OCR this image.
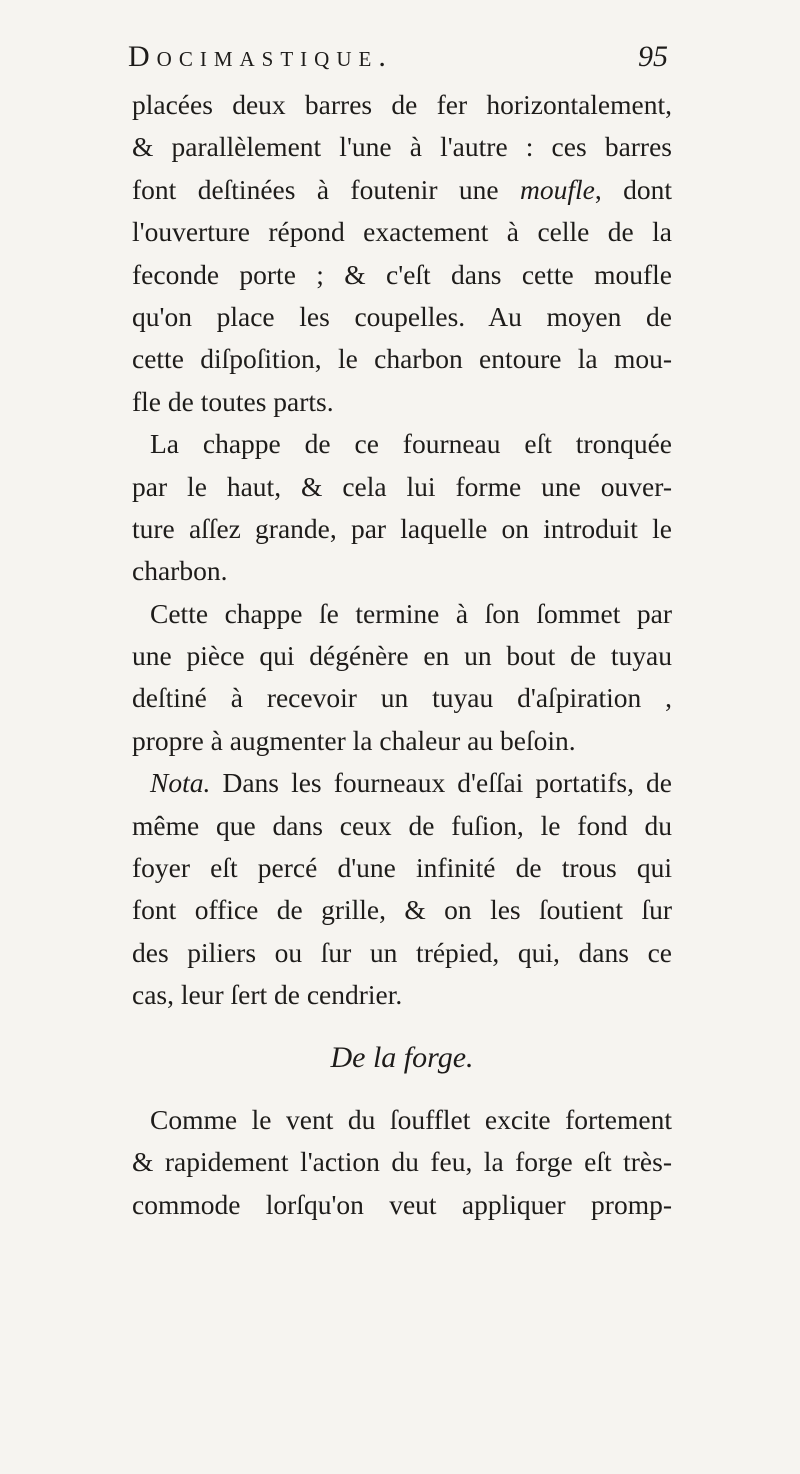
Docimastique.	95
placées deux barres de fer horizontalement,
& parallèlement l'une à l'autre : ces barres
font deſtinées à foutenir une moufle, dont
l'ouverture répond exactement à celle de la
feconde porte ; & c'eſt dans cette moufle
qu'on place les coupelles. Au moyen de
cette diſpoſition, le charbon entoure la mou-
fle de toutes parts.
La chappe de ce fourneau eſt tronquée
par le haut, & cela lui forme une ouver-
ture aſſez grande, par laquelle on introduit le
charbon.
Cette chappe ſe termine à ſon ſommet par
une pièce qui dégénère en un bout de tuyau
deſtiné à recevoir un tuyau d'aſpiration ,
propre à augmenter la chaleur au beſoin.
Nota. Dans les fourneaux d'eſſai portatifs, de
même que dans ceux de fuſion, le fond du
foyer eſt percé d'une infinité de trous qui
font office de grille, & on les ſoutient ſur
des piliers ou ſur un trépied, qui, dans ce
cas, leur ſert de cendrier.
De la forge.
Comme le vent du ſoufflet excite fortement
& rapidement l'action du feu, la forge eſt très-
commode lorſqu'on veut appliquer promp-
